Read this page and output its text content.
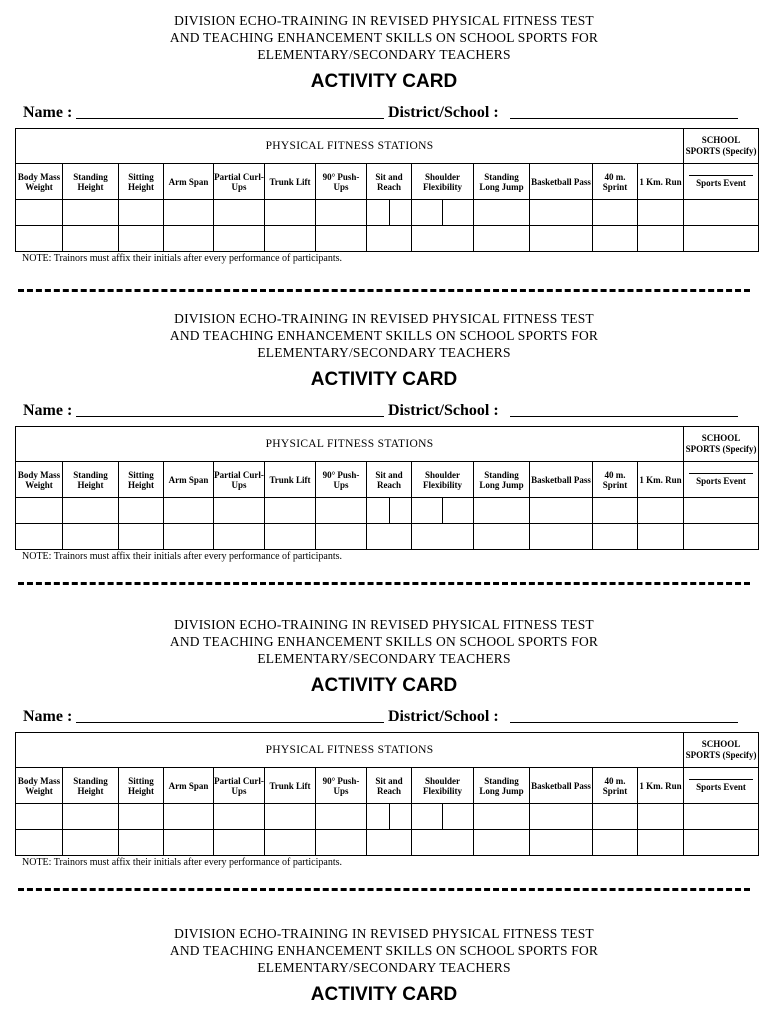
DIVISION ECHO-TRAINING IN REVISED PHYSICAL FITNESS TEST
AND TEACHING ENHANCEMENT SKILLS ON SCHOOL SPORTS FOR
ELEMENTARY/SECONDARY TEACHERS
ACTIVITY CARD
Name :	District/School :
PHYSICAL FITNESS STATIONS													SCHOOL SPORTS (Specify)
Body Mass Weight	Standing Height	Sitting Height	Arm Span	Partial Curl-Ups	Trunk Lift	90° Push-Ups	Sit and Reach	Shoulder Flexibility	Standing Long Jump	Basketball Pass	40 m. Sprint	1 Km. Run	Sports Event

NOTE: Trainors must affix their initials after every performance of participants.
DIVISION ECHO-TRAINING IN REVISED PHYSICAL FITNESS TEST
AND TEACHING ENHANCEMENT SKILLS ON SCHOOL SPORTS FOR
ELEMENTARY/SECONDARY TEACHERS
ACTIVITY CARD
Name :	District/School :
PHYSICAL FITNESS STATIONS													SCHOOL SPORTS (Specify)
Body Mass Weight	Standing Height	Sitting Height	Arm Span	Partial Curl-Ups	Trunk Lift	90° Push-Ups	Sit and Reach	Shoulder Flexibility	Standing Long Jump	Basketball Pass	40 m. Sprint	1 Km. Run	Sports Event

NOTE: Trainors must affix their initials after every performance of participants.
DIVISION ECHO-TRAINING IN REVISED PHYSICAL FITNESS TEST
AND TEACHING ENHANCEMENT SKILLS ON SCHOOL SPORTS FOR
ELEMENTARY/SECONDARY TEACHERS
ACTIVITY CARD
Name :	District/School :
PHYSICAL FITNESS STATIONS													SCHOOL SPORTS (Specify)
Body Mass Weight	Standing Height	Sitting Height	Arm Span	Partial Curl-Ups	Trunk Lift	90° Push-Ups	Sit and Reach	Shoulder Flexibility	Standing Long Jump	Basketball Pass	40 m. Sprint	1 Km. Run	Sports Event

NOTE: Trainors must affix their initials after every performance of participants.
DIVISION ECHO-TRAINING IN REVISED PHYSICAL FITNESS TEST
AND TEACHING ENHANCEMENT SKILLS ON SCHOOL SPORTS FOR
ELEMENTARY/SECONDARY TEACHERS
ACTIVITY CARD
